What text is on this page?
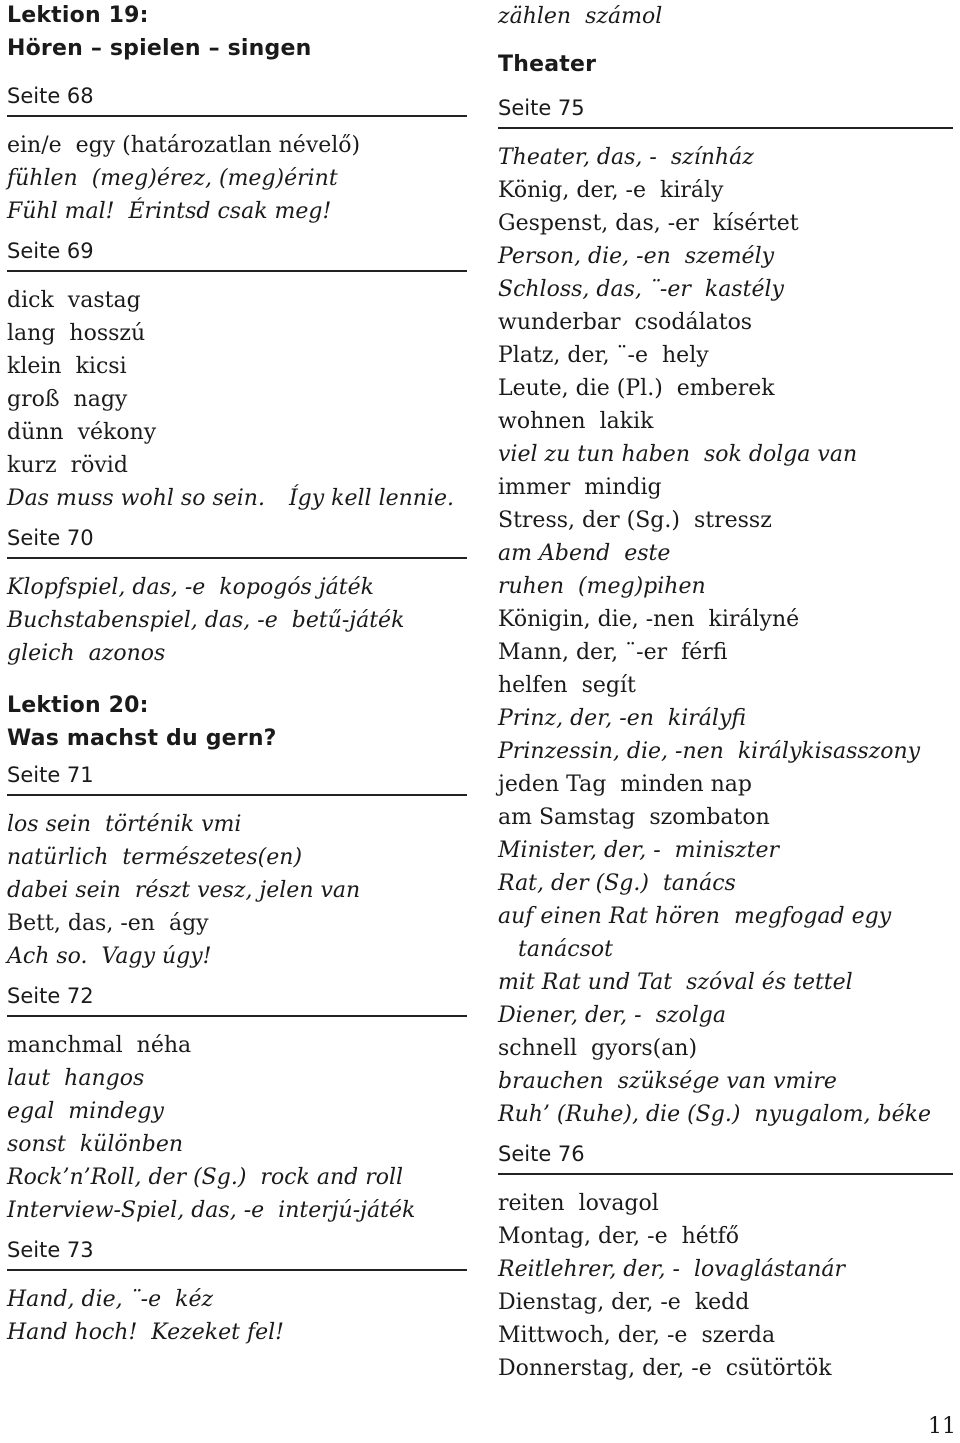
Lektion 19:
Hören – spielen – singen
Seite 68
ein/e egy (határozatlan névelő)
fühlen (meg)érez, (meg)érint
Fühl mal! Érintsd csak meg!
Seite 69
dick vastag
lang hosszú
klein kicsi
groß nagy
dünn vékony
kurz rövid
Das muss wohl so sein. Így kell lennie.
Seite 70
Klopfspiel, das, -e kopogós játék
Buchstabenspiel, das, -e betű-játék
gleich azonos
Lektion 20:
Was machst du gern?
Seite 71
los sein történik vmi
natürlich természetes(en)
dabei sein részt vesz, jelen van
Bett, das, -en ágy
Ach so. Vagy úgy!
Seite 72
manchmal néha
laut hangos
egal mindegy
sonst különben
Rock’n’Roll, der (Sg.) rock and roll
Interview-Spiel, das, -e interjú-játék
Seite 73
Hand, die, ¨-e kéz
Hand hoch! Kezeket fel!
zählen számol
Theater
Seite 75
Theater, das, - színház
König, der, -e király
Gespenst, das, -er kísértet
Person, die, -en személy
Schloss, das, ¨-er kastély
wunderbar csodálatos
Platz, der, ¨-e hely
Leute, die (Pl.) emberek
wohnen lakik
viel zu tun haben sok dolga van
immer mindig
Stress, der (Sg.) stressz
am Abend este
ruhen (meg)pihen
Königin, die, -nen királyné
Mann, der, ¨-er férfi
helfen segít
Prinz, der, -en királyfi
Prinzessin, die, -nen királykisasszony
jeden Tag minden nap
am Samstag szombaton
Minister, der, - miniszter
Rat, der (Sg.) tanács
auf einen Rat hören megfogad egy
tanácsot
mit Rat und Tat szóval és tettel
Diener, der, - szolga
schnell gyors(an)
brauchen szüksége van vmire
Ruh’ (Ruhe), die (Sg.) nyugalom, béke
Seite 76
reiten lovagol
Montag, der, -e hétfő
Reitlehrer, der, - lovaglástanár
Dienstag, der, -e kedd
Mittwoch, der, -e szerda
Donnerstag, der, -e csütörtök
11
